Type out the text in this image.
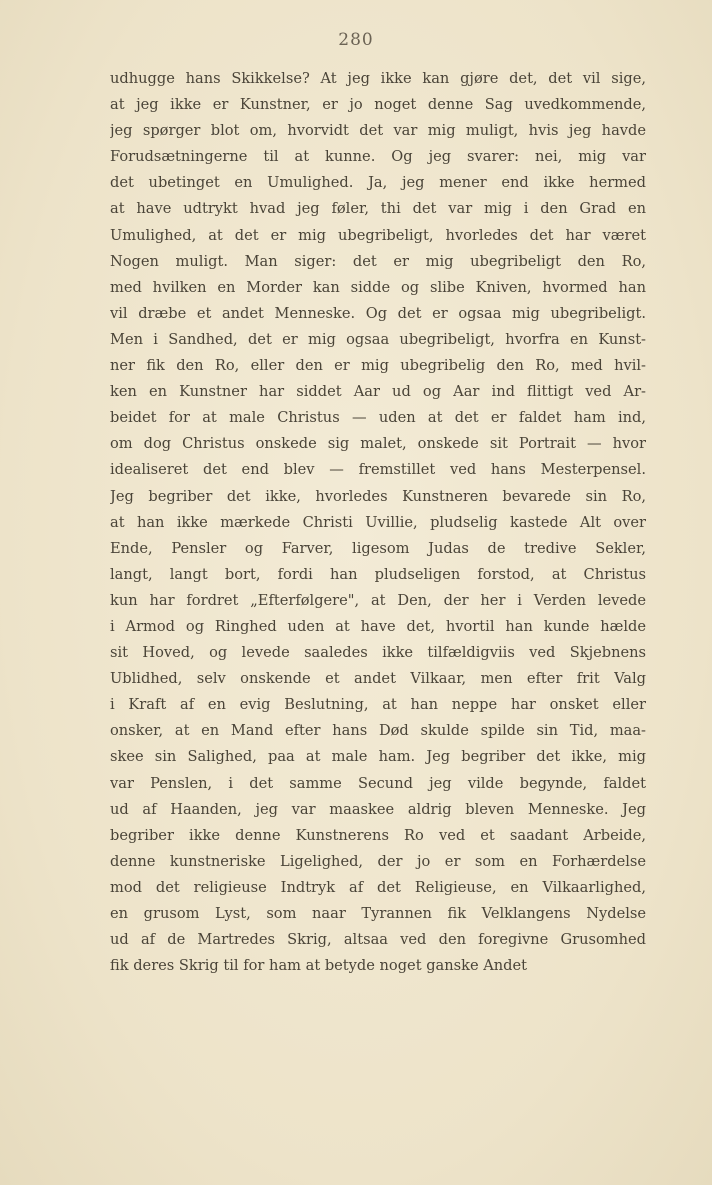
280
udhugge hans Skikkelse? At jeg ikke kan gjøre det, det vil sige,
at jeg ikke er Kunstner, er jo noget denne Sag uvedkommende,
jeg spørger blot om, hvorvidt det var mig muligt, hvis jeg havde
Forudsætningerne til at kunne. Og jeg svarer: nei, mig var
det ubetinget en Umulighed. Ja, jeg mener end ikke hermed
at have udtrykt hvad jeg føler, thi det var mig i den Grad en
Umulighed, at det er mig ubegribeligt, hvorledes det har været
Nogen muligt. Man siger: det er mig ubegribeligt den Ro,
med hvilken en Morder kan sidde og slibe Kniven, hvormed han
vil dræbe et andet Menneske. Og det er ogsaa mig ubegribeligt.
Men i Sandhed, det er mig ogsaa ubegribeligt, hvorfra en Kunst-
ner fik den Ro, eller den er mig ubegribelig den Ro, med hvil-
ken en Kunstner har siddet Aar ud og Aar ind flittigt ved Ar-
beidet for at male Christus — uden at det er faldet ham ind,
om dog Christus onskede sig malet, onskede sit Portrait — hvor
idealiseret det end blev — fremstillet ved hans Mesterpensel.
Jeg begriber det ikke, hvorledes Kunstneren bevarede sin Ro,
at han ikke mærkede Christi Uvillie, pludselig kastede Alt over
Ende, Pensler og Farver, ligesom Judas de tredive Sekler,
langt, langt bort, fordi han pludseligen forstod, at Christus
kun har fordret „Efterfølgere", at Den, der her i Verden levede
i Armod og Ringhed uden at have det, hvortil han kunde hælde
sit Hoved, og levede saaledes ikke tilfældigviis ved Skjebnens
Ublidhed, selv onskende et andet Vilkaar, men efter frit Valg
i Kraft af en evig Beslutning, at han neppe har onsket eller
onsker, at en Mand efter hans Død skulde spilde sin Tid, maa-
skee sin Salighed, paa at male ham. Jeg begriber det ikke, mig
var Penslen, i det samme Secund jeg vilde begynde, faldet
ud af Haanden, jeg var maaskee aldrig bleven Menneske. Jeg
begriber ikke denne Kunstnerens Ro ved et saadant Arbeide,
denne kunstneriske Ligelighed, der jo er som en Forhærdelse
mod det religieuse Indtryk af det Religieuse, en Vilkaarlighed,
en grusom Lyst, som naar Tyrannen fik Velklangens Nydelse
ud af de Martredes Skrig, altsaa ved den foregivne Grusomhed
fik deres Skrig til for ham at betyde noget ganske Andet
